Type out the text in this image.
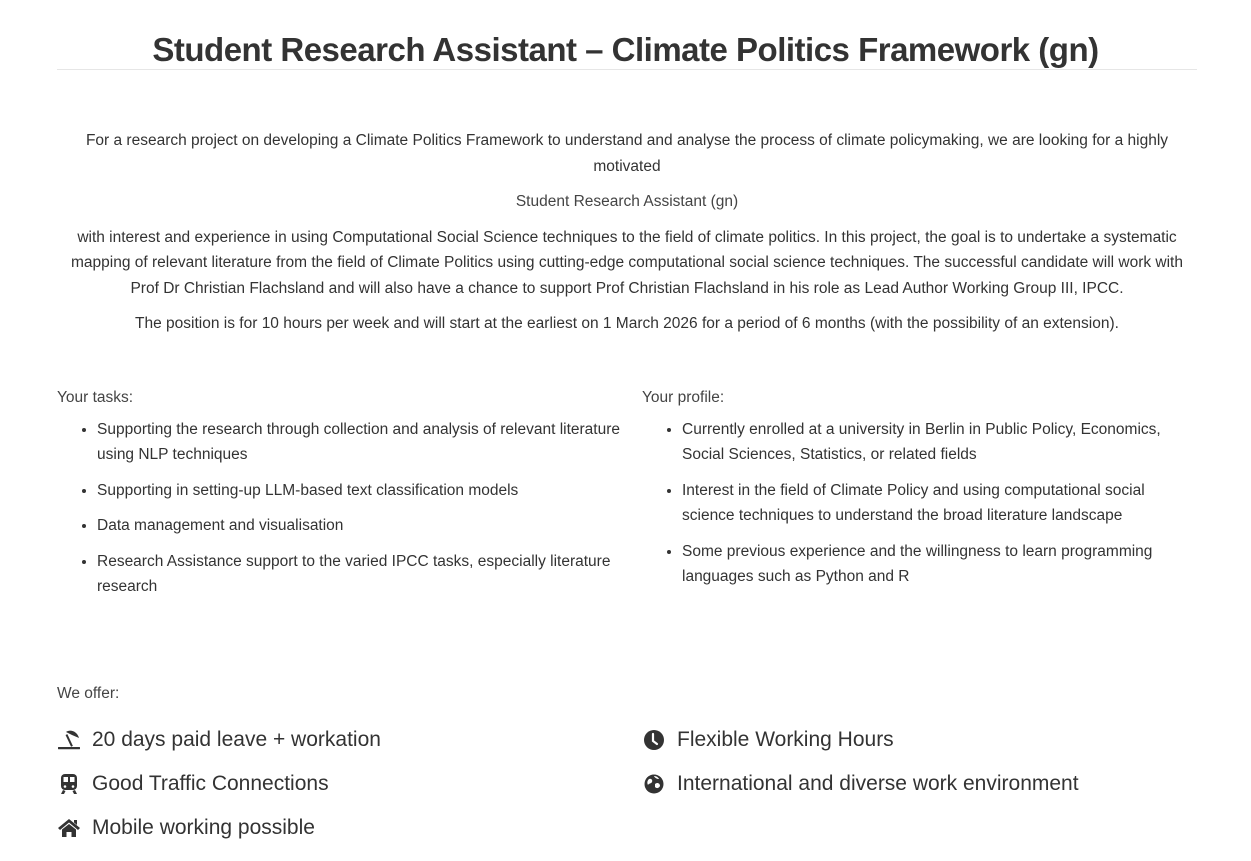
Student Research Assistant – Climate Politics Framework (gn)

For a research project on developing a Climate Politics Framework to understand and analyse the process of climate policymaking, we are looking for a highly motivated

Student Research Assistant (gn)

with interest and experience in using Computational Social Science techniques to the field of climate politics. In this project, the goal is to undertake a systematic mapping of relevant literature from the field of Climate Politics using cutting-edge computational social science techniques. The successful candidate will work with Prof Dr Christian Flachsland and will also have a chance to support Prof Christian Flachsland in his role as Lead Author Working Group III, IPCC.

The position is for 10 hours per week and will start at the earliest on 1 March 2026 for a period of 6 months (with the possibility of an extension).

Your tasks:
• Supporting the research through collection and analysis of relevant literature using NLP techniques
• Supporting in setting-up LLM-based text classification models
• Data management and visualisation
• Research Assistance support to the varied IPCC tasks, especially literature research
Your profile:
• Currently enrolled at a university in Berlin in Public Policy, Economics, Social Sciences, Statistics, or related fields
• Interest in the field of Climate Policy and using computational social science techniques to understand the broad literature landscape
• Some previous experience and the willingness to learn programming languages such as Python and R
We offer:
20 days paid leave + workation	Flexible Working Hours
Good Traffic Connections	International and diverse work environment
Mobile working possible
